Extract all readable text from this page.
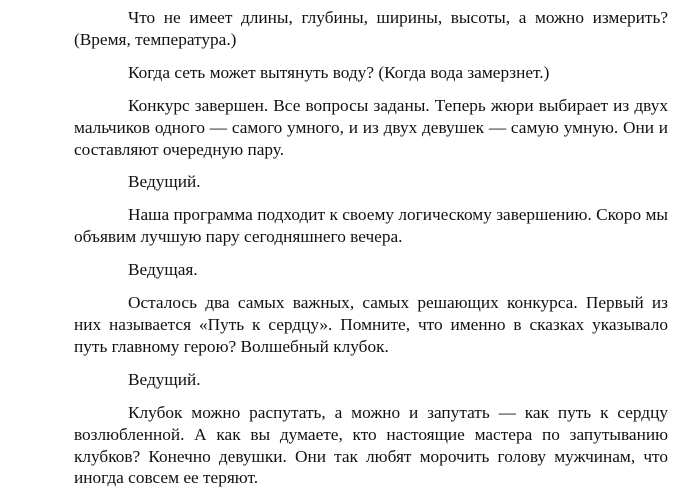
Что не имеет длины, глубины, ширины, высоты, а можно измерить? (Время, температура.)

Когда сеть может вытянуть воду? (Когда вода замерзнет.)

Конкурс завершен. Все вопросы заданы. Теперь жюри выбирает из двух мальчиков одного — самого умного, и из двух девушек — самую умную. Они и составляют очередную пару.

Ведущий.

Наша программа подходит к своему логическому завершению. Скоро мы объявим лучшую пару сегодняшнего вечера.

Ведущая.

Осталось два самых важных, самых решающих конкурса. Первый из них называется «Путь к сердцу». Помните, что именно в сказках указывало путь главному герою? Волшебный клубок.

Ведущий.

Клубок можно распутать, а можно и запутать — как путь к сердцу возлюбленной. А как вы думаете, кто настоящие мастера по запутыванию клубков? Конечно девушки. Они так любят морочить голову мужчинам, что иногда совсем ее теряют.
